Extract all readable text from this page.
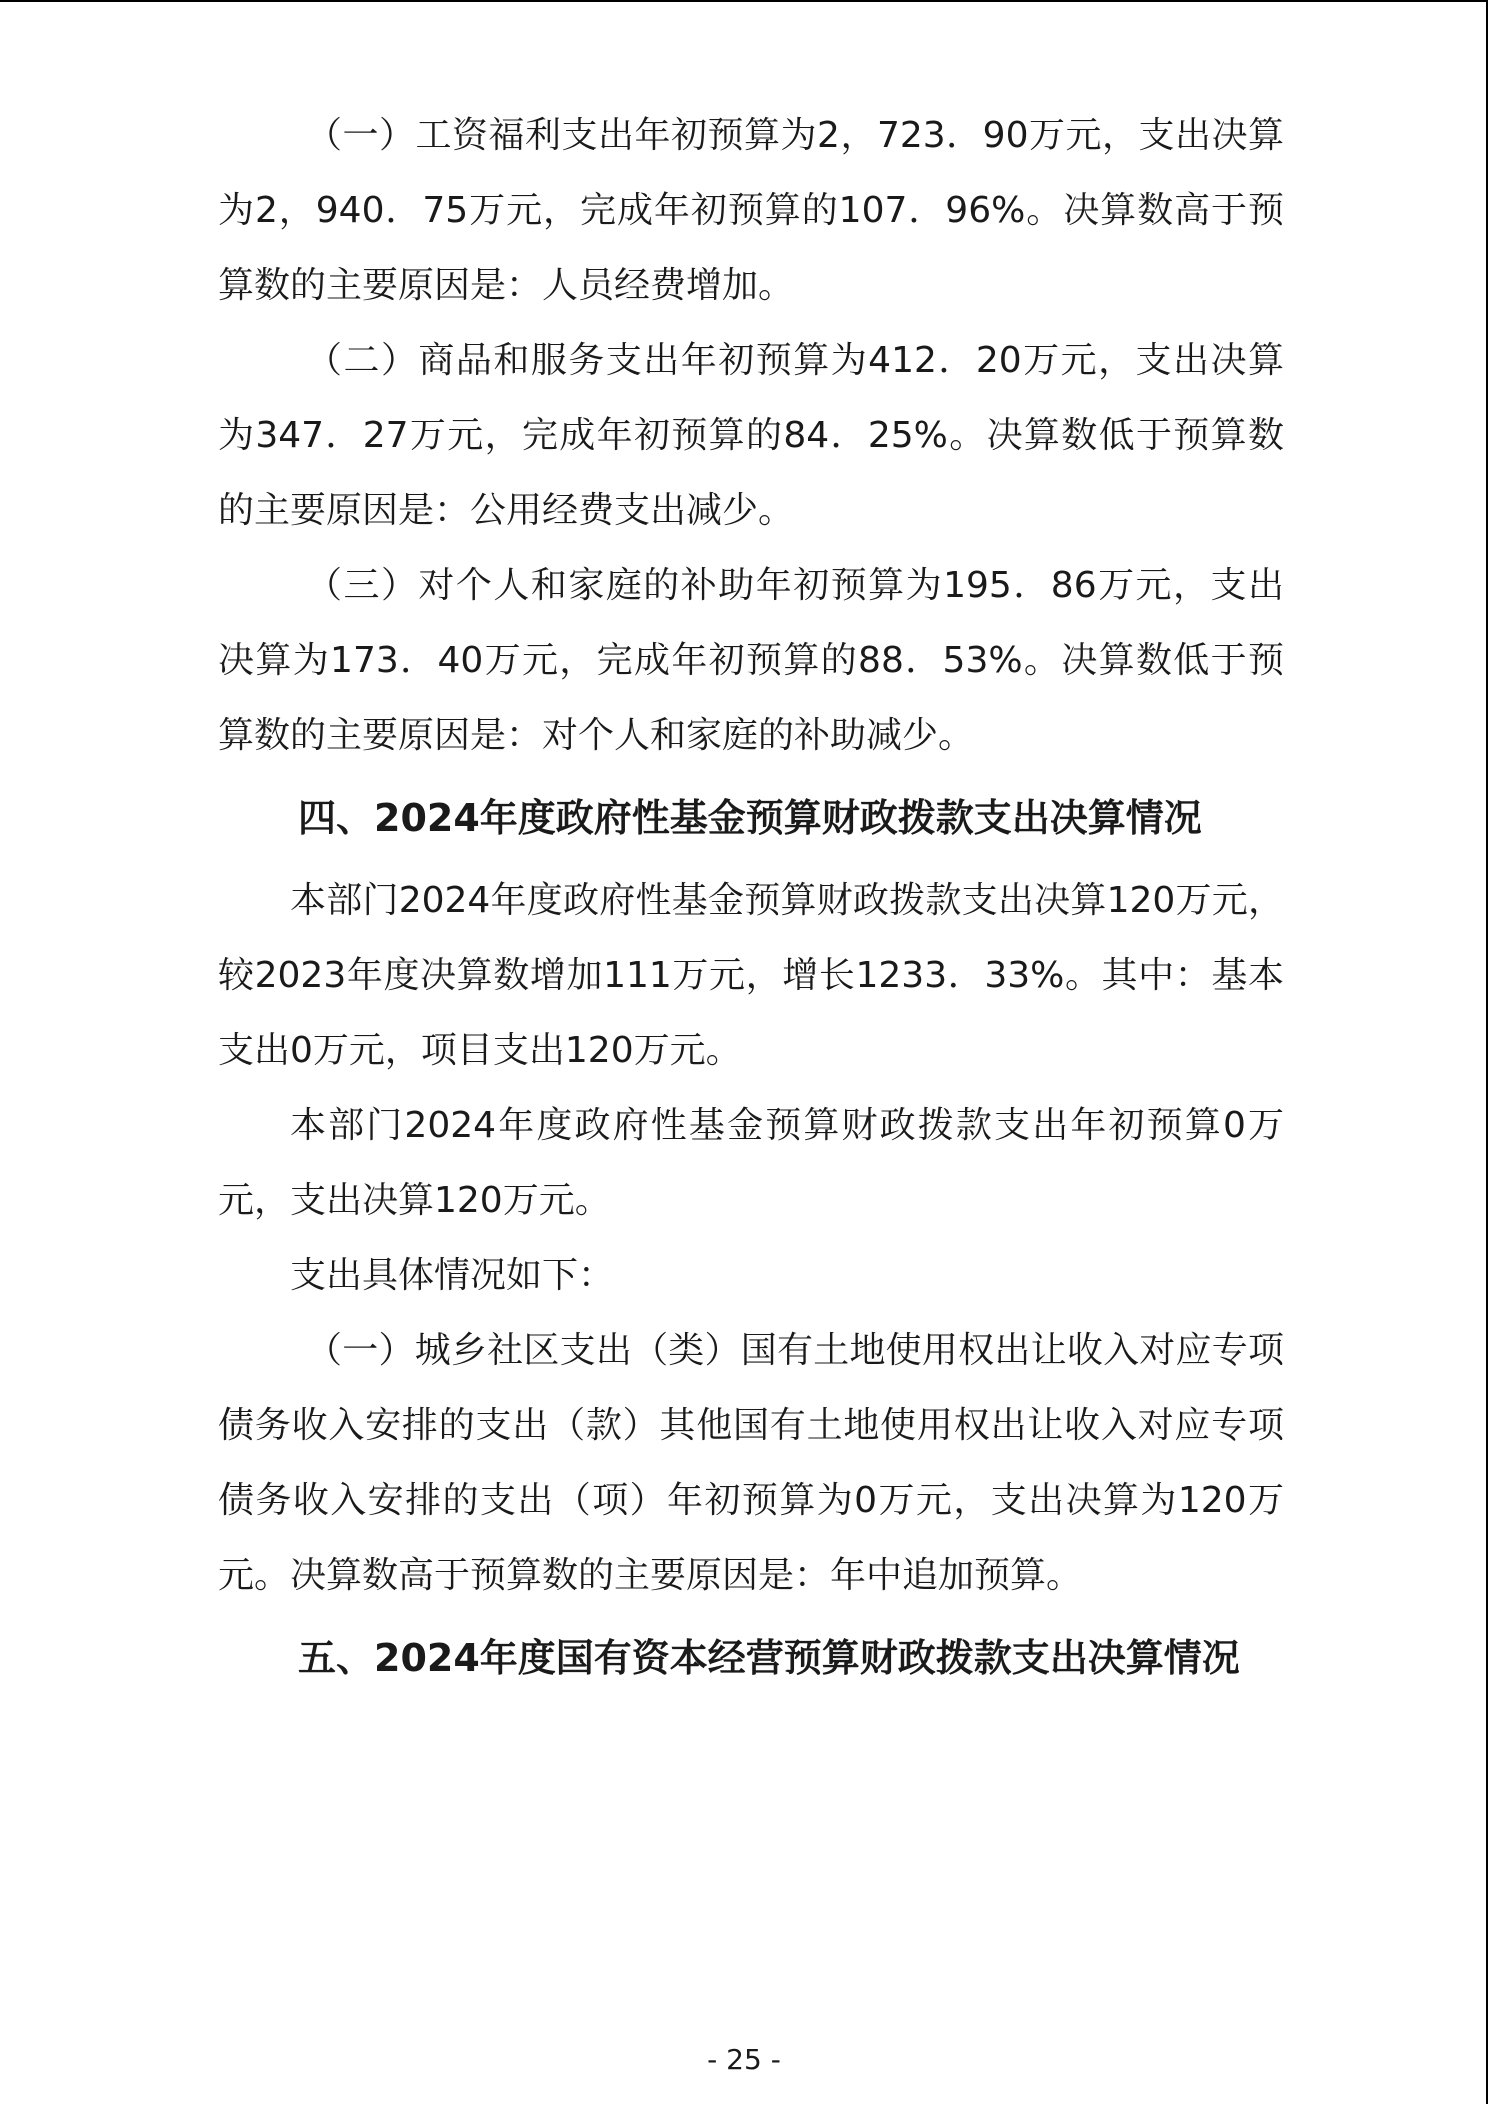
（一）工资福利支出年初预算为2，723．90万元，支出决算为2，940．75万元，完成年初预算的107．96%。决算数高于预算数的主要原因是：人员经费增加。

（二）商品和服务支出年初预算为412．20万元，支出决算为347．27万元，完成年初预算的84．25%。决算数低于预算数的主要原因是：公用经费支出减少。

（三）对个人和家庭的补助年初预算为195．86万元，支出决算为173．40万元，完成年初预算的88．53%。决算数低于预算数的主要原因是：对个人和家庭的补助减少。

四、2024年度政府性基金预算财政拨款支出决算情况

本部门2024年度政府性基金预算财政拨款支出决算120万元，较2023年度决算数增加111万元，增长1233．33%。其中：基本支出0万元，项目支出120万元。

本部门2024年度政府性基金预算财政拨款支出年初预算0万元，支出决算120万元。

支出具体情况如下：

（一）城乡社区支出（类）国有土地使用权出让收入对应专项债务收入安排的支出（款）其他国有土地使用权出让收入对应专项债务收入安排的支出（项）年初预算为0万元，支出决算为120万元。决算数高于预算数的主要原因是：年中追加预算。

五、2024年度国有资本经营预算财政拨款支出决算情况
- 25 -
